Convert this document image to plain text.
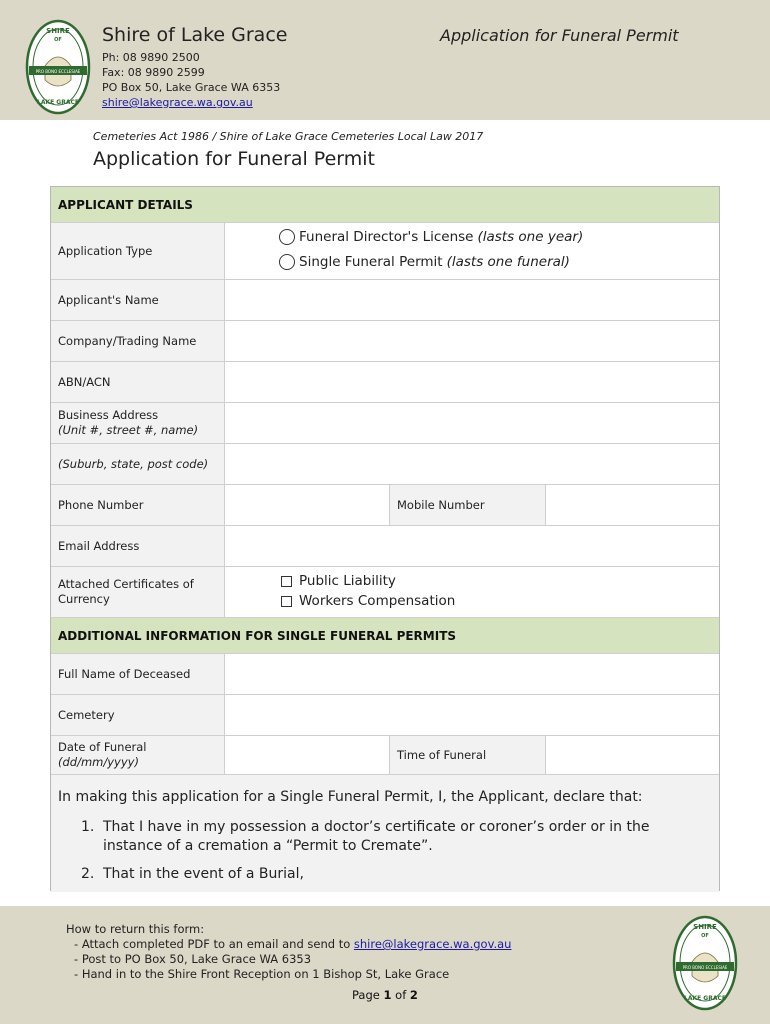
PRO BONO ECCLESIAE
SHIRE
OF
LAKE GRACE
Shire of Lake Grace
Ph: 08 9890 2500
Fax: 08 9890 2599
PO Box 50, Lake Grace WA 6353
shire@lakegrace.wa.gov.au
Application for Funeral Permit
Cemeteries Act 1986 / Shire of Lake Grace Cemeteries Local Law 2017
Application for Funeral Permit
APPLICANT DETAILS
Application Type
Funeral Director's License (lasts one year)
Single Funeral Permit (lasts one funeral)
Applicant's Name
Company/Trading Name
ABN/ACN
Business Address
(Unit #, street #, name)
(Suburb, state, post code)
Phone Number	Mobile Number
Email Address
Attached Certificates of Currency
Public Liability
Workers Compensation
ADDITIONAL INFORMATION FOR SINGLE FUNERAL PERMITS
Full Name of Deceased
Cemetery
Date of Funeral
(dd/mm/yyyy)	Time of Funeral
In making this application for a Single Funeral Permit, I, the Applicant, declare that:
1. That I have in my possession a doctor’s certificate or coroner’s order or in the instance of a cremation a “Permit to Cremate”.
2. That in the event of a Burial,
How to return this form:
- Attach completed PDF to an email and send to shire@lakegrace.wa.gov.au
- Post to PO Box 50, Lake Grace WA 6353
- Hand in to the Shire Front Reception on 1 Bishop St, Lake Grace
Page 1 of 2
PRO BONO ECCLESIAE
SHIRE
OF
LAKE GRACE
